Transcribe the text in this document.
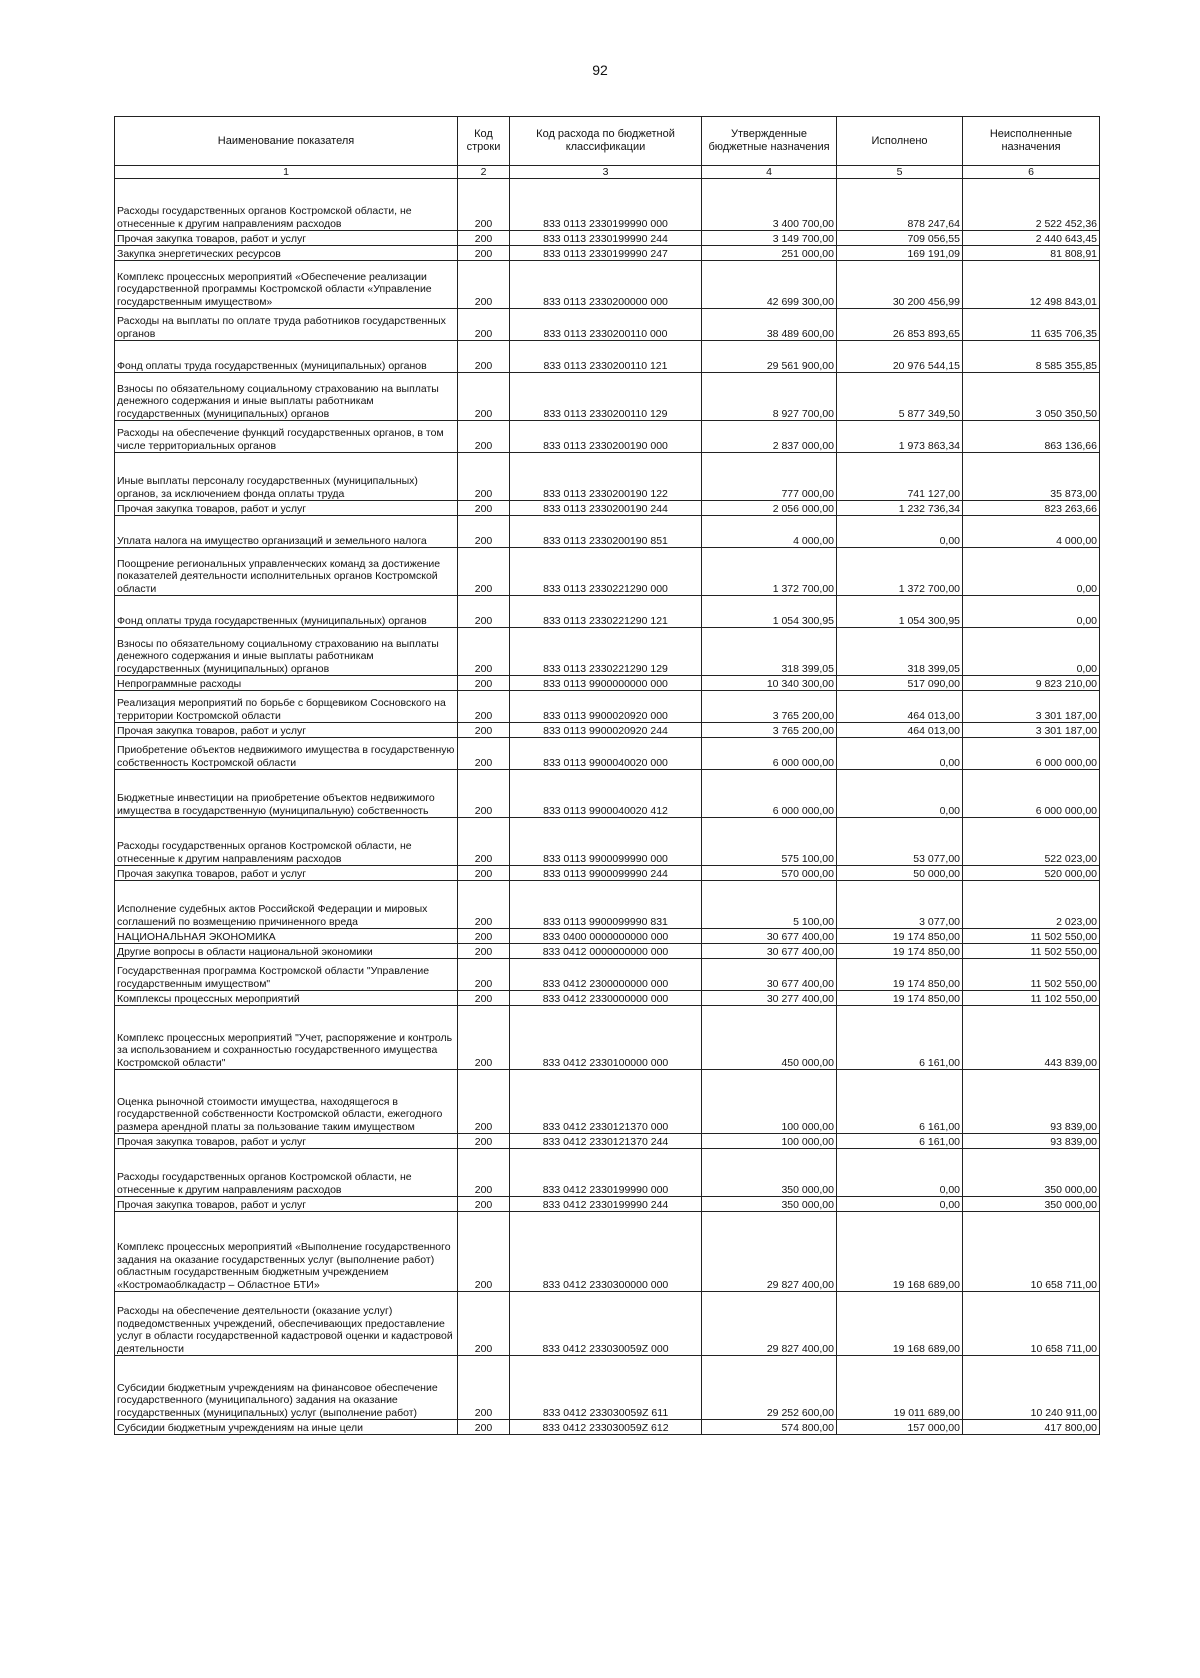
92
Наименование показателя	Код строки	Код расхода по бюджетной классификации	Утвержденные бюджетные назначения	Исполнено	Неисполненные назначения
1	2	3	4	5	6
Расходы государственных органов Костромской области, не отнесенные к другим направлениям расходов	200	833 0113 2330199990 000	3 400 700,00	878 247,64	2 522 452,36
Прочая закупка товаров, работ и услуг	200	833 0113 2330199990 244	3 149 700,00	709 056,55	2 440 643,45
Закупка энергетических ресурсов	200	833 0113 2330199990 247	251 000,00	169 191,09	81 808,91
Комплекс процессных мероприятий «Обеспечение реализации государственной программы Костромской области «Управление государственным имуществом»	200	833 0113 2330200000 000	42 699 300,00	30 200 456,99	12 498 843,01
Расходы на выплаты по оплате труда работников государственных органов	200	833 0113 2330200110 000	38 489 600,00	26 853 893,65	11 635 706,35
Фонд оплаты труда государственных (муниципальных) органов	200	833 0113 2330200110 121	29 561 900,00	20 976 544,15	8 585 355,85
Взносы по обязательному социальному страхованию на выплаты денежного содержания и иные выплаты работникам государственных (муниципальных) органов	200	833 0113 2330200110 129	8 927 700,00	5 877 349,50	3 050 350,50
Расходы на обеспечение функций государственных органов, в том числе территориальных органов	200	833 0113 2330200190 000	2 837 000,00	1 973 863,34	863 136,66
Иные выплаты персоналу государственных (муниципальных) органов, за исключением фонда оплаты труда	200	833 0113 2330200190 122	777 000,00	741 127,00	35 873,00
Прочая закупка товаров, работ и услуг	200	833 0113 2330200190 244	2 056 000,00	1 232 736,34	823 263,66
Уплата налога на имущество организаций и земельного налога	200	833 0113 2330200190 851	4 000,00	0,00	4 000,00
Поощрение региональных управленческих команд за достижение показателей деятельности исполнительных органов Костромской области	200	833 0113 2330221290 000	1 372 700,00	1 372 700,00	0,00
Фонд оплаты труда государственных (муниципальных) органов	200	833 0113 2330221290 121	1 054 300,95	1 054 300,95	0,00
Взносы по обязательному социальному страхованию на выплаты денежного содержания и иные выплаты работникам государственных (муниципальных) органов	200	833 0113 2330221290 129	318 399,05	318 399,05	0,00
Непрограммные расходы	200	833 0113 9900000000 000	10 340 300,00	517 090,00	9 823 210,00
Реализация мероприятий по борьбе с борщевиком Сосновского на территории Костромской области	200	833 0113 9900020920 000	3 765 200,00	464 013,00	3 301 187,00
Прочая закупка товаров, работ и услуг	200	833 0113 9900020920 244	3 765 200,00	464 013,00	3 301 187,00
Приобретение объектов недвижимого имущества в государственную собственность Костромской области	200	833 0113 9900040020 000	6 000 000,00	0,00	6 000 000,00
Бюджетные инвестиции на приобретение объектов недвижимого имущества в государственную (муниципальную) собственность	200	833 0113 9900040020 412	6 000 000,00	0,00	6 000 000,00
Расходы государственных органов Костромской области, не отнесенные к другим направлениям расходов	200	833 0113 9900099990 000	575 100,00	53 077,00	522 023,00
Прочая закупка товаров, работ и услуг	200	833 0113 9900099990 244	570 000,00	50 000,00	520 000,00
Исполнение судебных актов Российской Федерации и мировых соглашений по возмещению причиненного вреда	200	833 0113 9900099990 831	5 100,00	3 077,00	2 023,00
НАЦИОНАЛЬНАЯ ЭКОНОМИКА	200	833 0400 0000000000 000	30 677 400,00	19 174 850,00	11 502 550,00
Другие вопросы в области национальной экономики	200	833 0412 0000000000 000	30 677 400,00	19 174 850,00	11 502 550,00
Государственная программа Костромской области "Управление государственным имуществом"	200	833 0412 2300000000 000	30 677 400,00	19 174 850,00	11 502 550,00
Комплексы процессных мероприятий	200	833 0412 2330000000 000	30 277 400,00	19 174 850,00	11 102 550,00
Комплекс процессных мероприятий "Учет, распоряжение и контроль за использованием и сохранностью государственного имущества Костромской области"	200	833 0412 2330100000 000	450 000,00	6 161,00	443 839,00
Оценка рыночной стоимости имущества, находящегося в государственной собственности Костромской области, ежегодного размера арендной платы за пользование таким имуществом	200	833 0412 2330121370 000	100 000,00	6 161,00	93 839,00
Прочая закупка товаров, работ и услуг	200	833 0412 2330121370 244	100 000,00	6 161,00	93 839,00
Расходы государственных органов Костромской области, не отнесенные к другим направлениям расходов	200	833 0412 2330199990 000	350 000,00	0,00	350 000,00
Прочая закупка товаров, работ и услуг	200	833 0412 2330199990 244	350 000,00	0,00	350 000,00
Комплекс процессных мероприятий «Выполнение государственного задания на оказание государственных услуг (выполнение работ) областным государственным бюджетным учреждением «Костромаоблкадастр – Областное БТИ»	200	833 0412 2330300000 000	29 827 400,00	19 168 689,00	10 658 711,00
Расходы на обеспечение деятельности (оказание услуг) подведомственных учреждений, обеспечивающих предоставление услуг в области государственной кадастровой оценки и кадастровой деятельности	200	833 0412 233030059Z 000	29 827 400,00	19 168 689,00	10 658 711,00
Субсидии бюджетным учреждениям на финансовое обеспечение государственного (муниципального) задания на оказание государственных (муниципальных) услуг (выполнение работ)	200	833 0412 233030059Z 611	29 252 600,00	19 011 689,00	10 240 911,00
Субсидии бюджетным учреждениям на иные цели	200	833 0412 233030059Z 612	574 800,00	157 000,00	417 800,00
